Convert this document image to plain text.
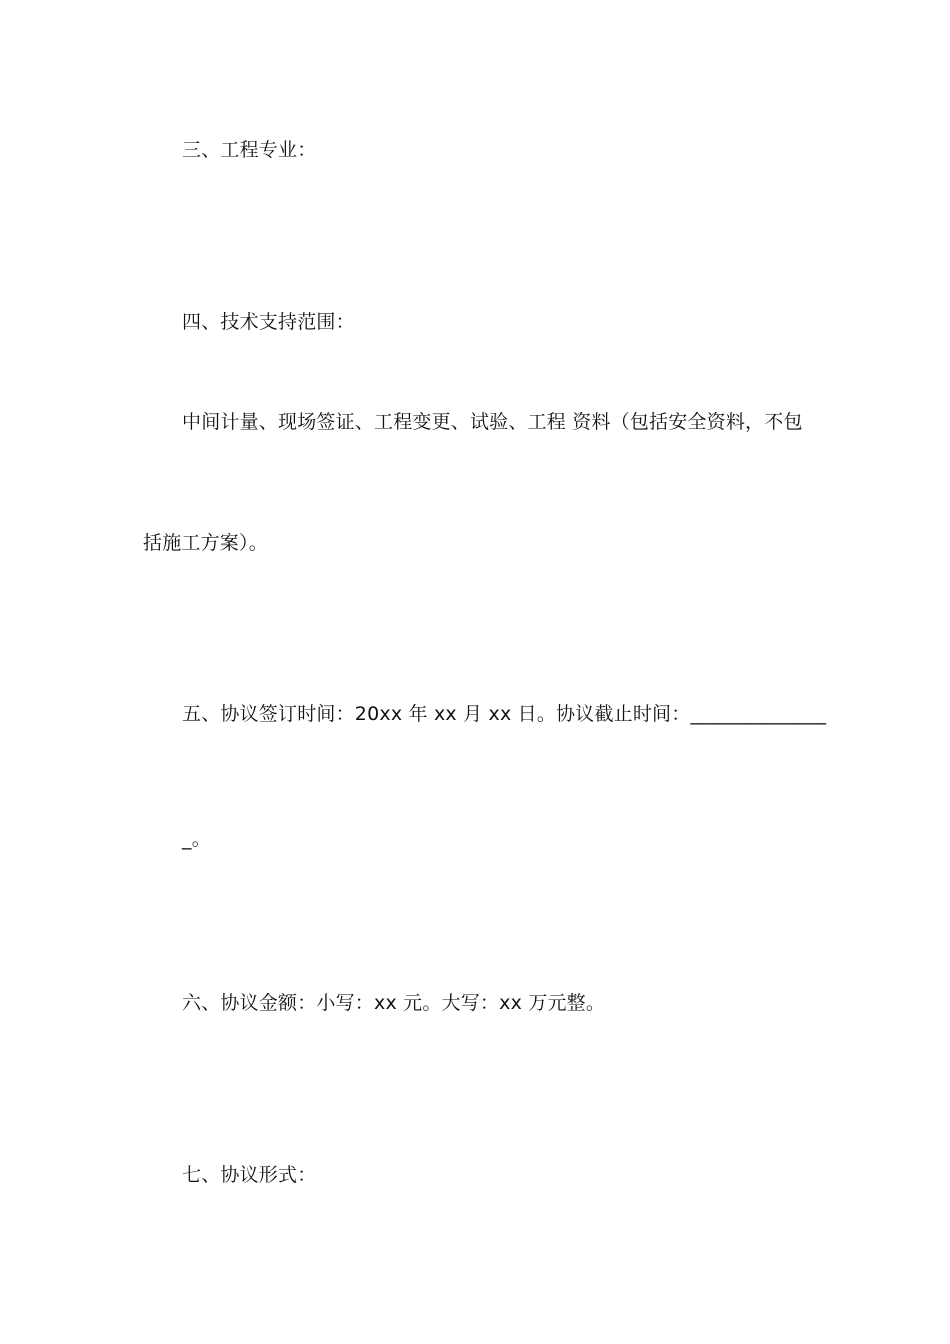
三、工程专业：
四、技术支持范围：
中间计量、现场签证、工程变更、试验、工程 资料（包括安全资料，不包
括施工方案）。
五、协议签订时间：20xx 年 xx 月 xx 日。协议截止时间：______________
_。
六、协议金额：小写：xx 元。大写：xx 万元整。
七、协议形式：
